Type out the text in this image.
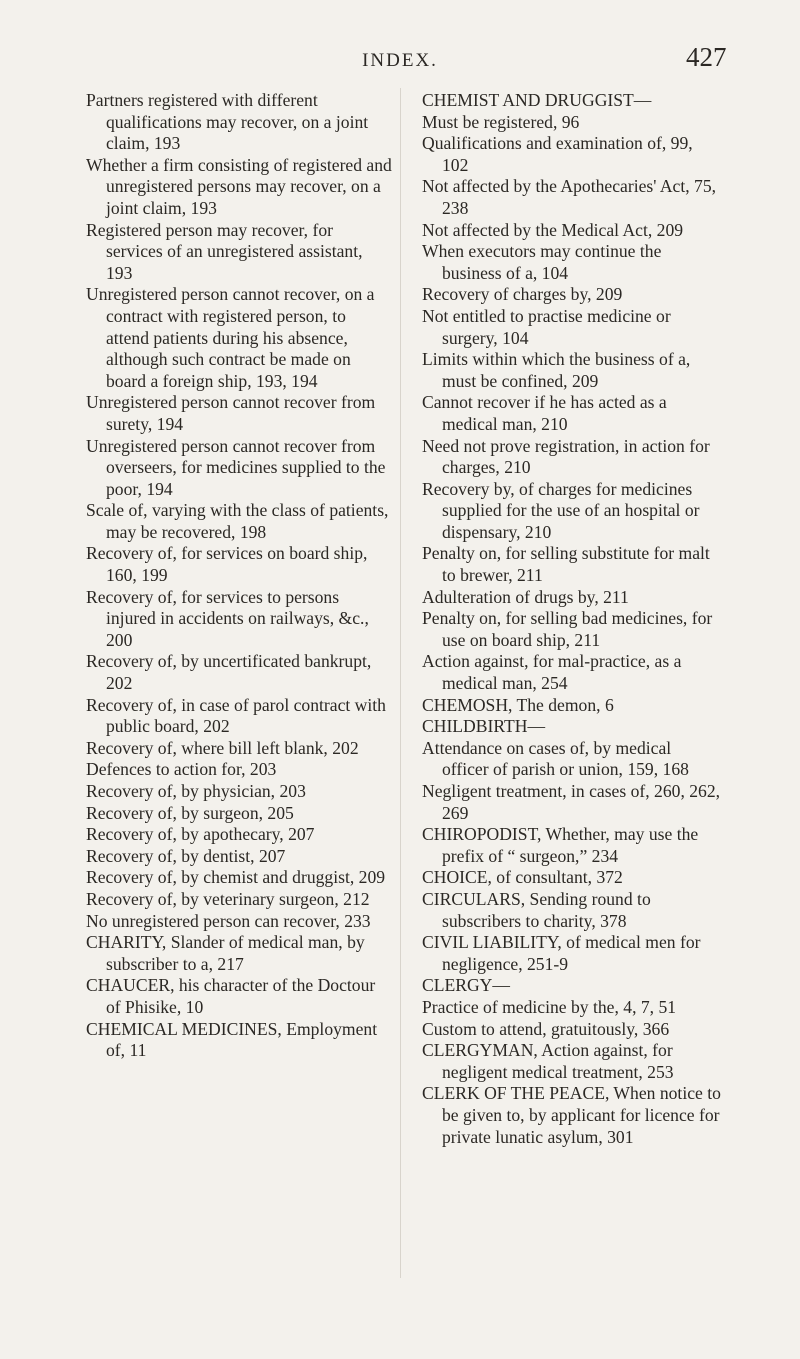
INDEX.	427

Partners registered with different qualifications may recover, on a joint claim, 193

Whether a firm consisting of registered and unregistered persons may recover, on a joint claim, 193

Registered person may recover, for services of an unregistered assistant, 193

Unregistered person cannot recover, on a contract with registered person, to attend patients during his absence, although such contract be made on board a foreign ship, 193, 194

Unregistered person cannot recover from surety, 194

Unregistered person cannot recover from overseers, for medicines supplied to the poor, 194

Scale of, varying with the class of patients, may be recovered, 198

Recovery of, for services on board ship, 160, 199

Recovery of, for services to persons injured in accidents on railways, &c., 200

Recovery of, by uncertificated bankrupt, 202

Recovery of, in case of parol contract with public board, 202

Recovery of, where bill left blank, 202

Defences to action for, 203

Recovery of, by physician, 203

Recovery of, by surgeon, 205

Recovery of, by apothecary, 207

Recovery of, by dentist, 207

Recovery of, by chemist and druggist, 209

Recovery of, by veterinary surgeon, 212

No unregistered person can recover, 233

CHARITY, Slander of medical man, by subscriber to a, 217

CHAUCER, his character of the Doctour of Phisike, 10

CHEMICAL MEDICINES, Employment of, 11

CHEMIST AND DRUGGIST—

Must be registered, 96

Qualifications and examination of, 99, 102

Not affected by the Apothecaries' Act, 75, 238

Not affected by the Medical Act, 209

When executors may continue the business of a, 104

Recovery of charges by, 209

Not entitled to practise medicine or surgery, 104

Limits within which the business of a, must be confined, 209

Cannot recover if he has acted as a medical man, 210

Need not prove registration, in action for charges, 210

Recovery by, of charges for medicines supplied for the use of an hospital or dispensary, 210

Penalty on, for selling substitute for malt to brewer, 211

Adulteration of drugs by, 211

Penalty on, for selling bad medicines, for use on board ship, 211

Action against, for mal-practice, as a medical man, 254

CHEMOSH, The demon, 6

CHILDBIRTH—

Attendance on cases of, by medical officer of parish or union, 159, 168

Negligent treatment, in cases of, 260, 262, 269

CHIROPODIST, Whether, may use the prefix of “ surgeon,” 234

CHOICE, of consultant, 372

CIRCULARS, Sending round to subscribers to charity, 378

CIVIL LIABILITY, of medical men for negligence, 251-9

CLERGY—

Practice of medicine by the, 4, 7, 51

Custom to attend, gratuitously, 366

CLERGYMAN, Action against, for negligent medical treatment, 253

CLERK OF THE PEACE, When notice to be given to, by applicant for licence for private lunatic asylum, 301
